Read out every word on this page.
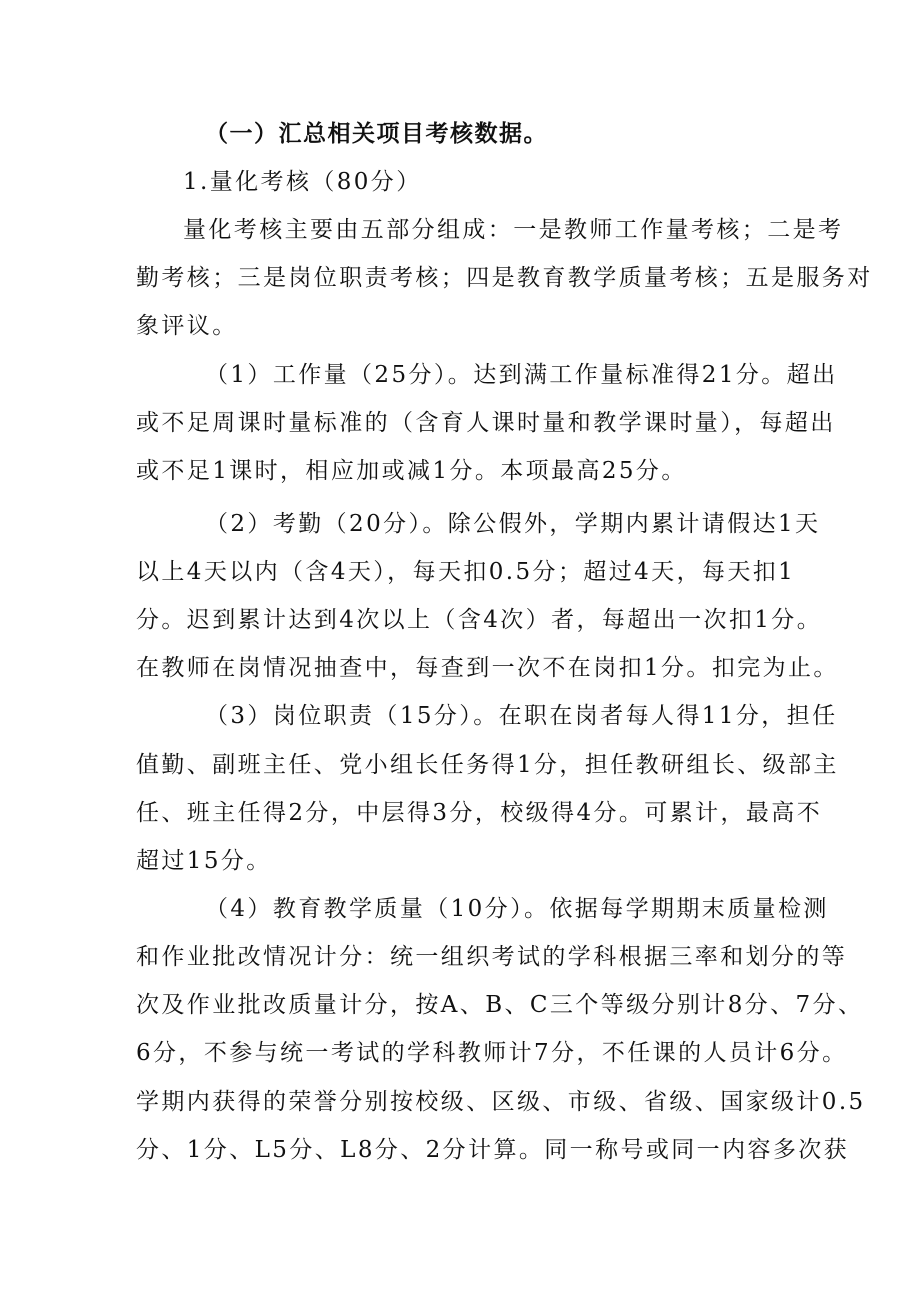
（一）汇总相关项目考核数据。
1.量化考核（80分）
量化考核主要由五部分组成：一是教师工作量考核；二是考
勤考核；三是岗位职责考核；四是教育教学质量考核；五是服务对
象评议。
（1）工作量（25分）。达到满工作量标准得21分。超出
或不足周课时量标准的（含育人课时量和教学课时量），每超出
或不足1课时，相应加或减1分。本项最高25分。
（2）考勤（20分）。除公假外，学期内累计请假达1天
以上4天以内（含4天），每天扣0.5分；超过4天，每天扣1
分。迟到累计达到4次以上（含4次）者，每超出一次扣1分。
在教师在岗情况抽查中，每查到一次不在岗扣1分。扣完为止。
（3）岗位职责（15分）。在职在岗者每人得11分，担任
值勤、副班主任、党小组长任务得1分，担任教研组长、级部主
任、班主任得2分，中层得3分，校级得4分。可累计，最高不
超过15分。
（4）教育教学质量（10分）。依据每学期期末质量检测
和作业批改情况计分：统一组织考试的学科根据三率和划分的等
次及作业批改质量计分，按A、B、C三个等级分别计8分、7分、
6分，不参与统一考试的学科教师计7分，不任课的人员计6分。
学期内获得的荣誉分别按校级、区级、市级、省级、国家级计0.5
分、1分、L5分、L8分、2分计算。同一称号或同一内容多次获
